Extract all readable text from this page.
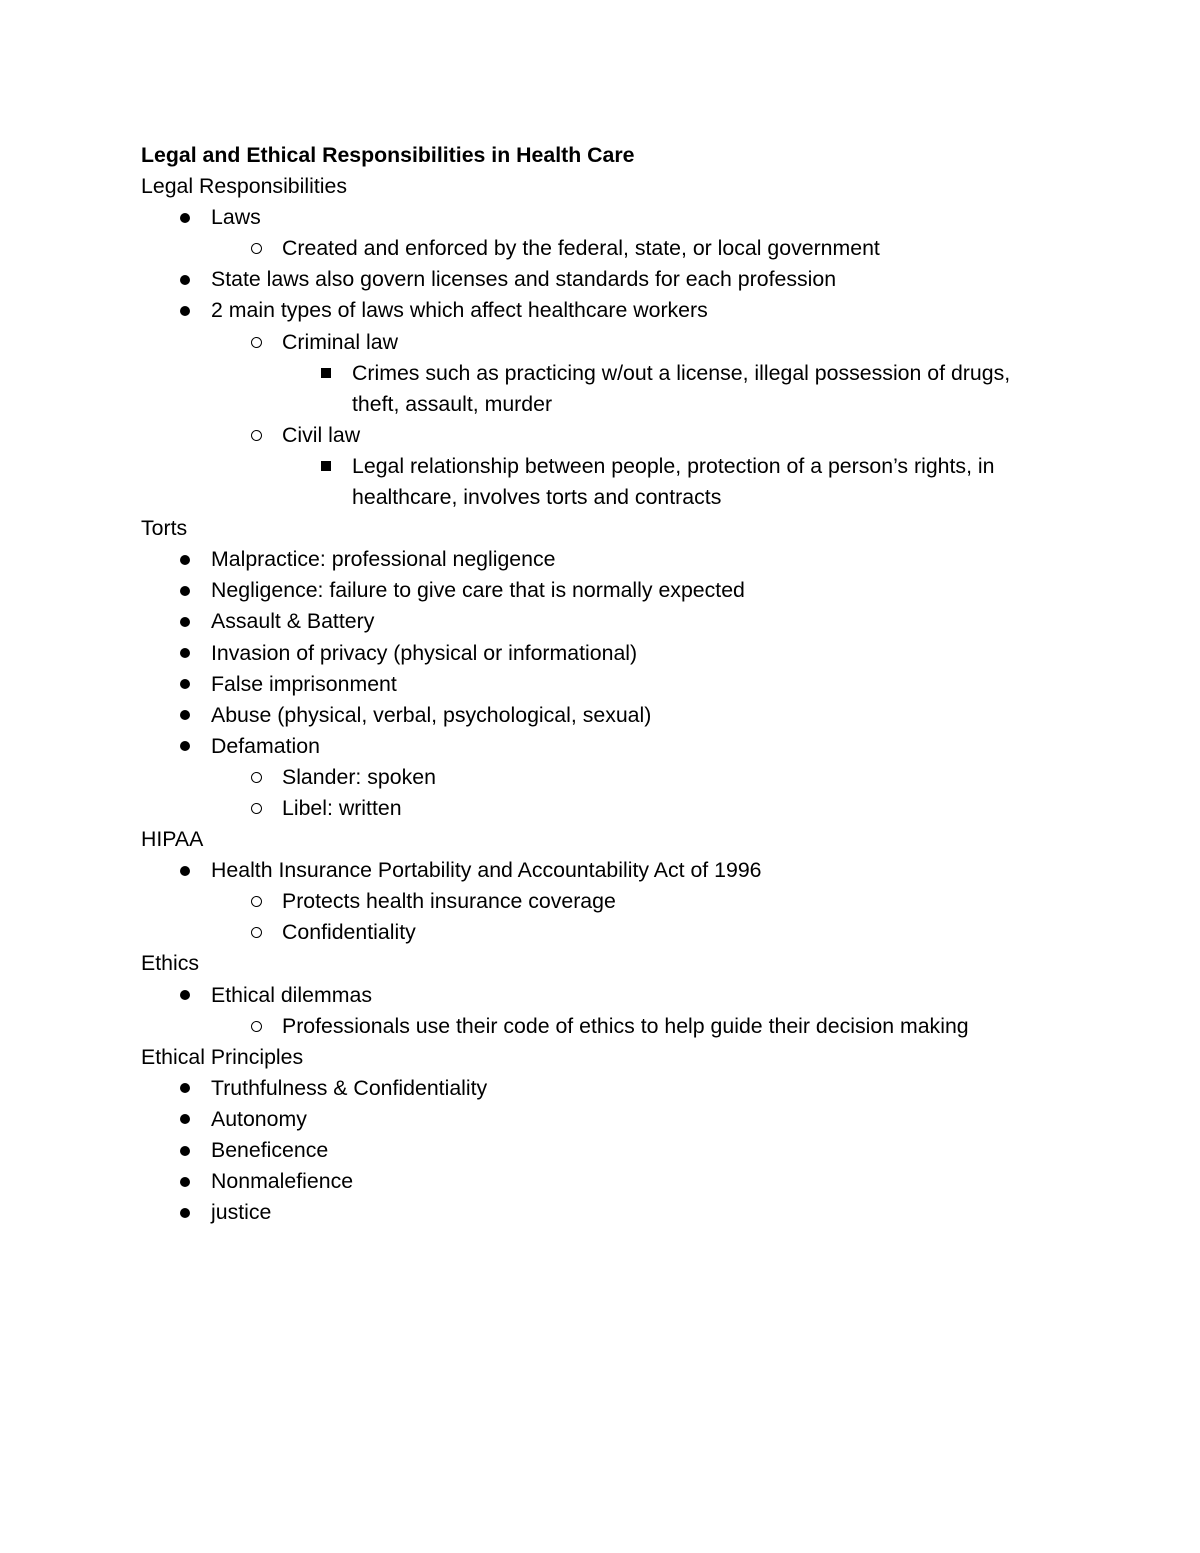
Legal and Ethical Responsibilities in Health Care

Legal Responsibilities

Laws
Created and enforced by the federal, state, or local government
State laws also govern licenses and standards for each profession
2 main types of laws which affect healthcare workers
Criminal law
Crimes such as practicing w/out a license, illegal possession of drugs, theft, assault, murder
Civil law
Legal relationship between people, protection of a person’s rights, in healthcare, involves torts and contracts

Torts

Malpractice: professional negligence
Negligence: failure to give care that is normally expected
Assault & Battery
Invasion of privacy (physical or informational)
False imprisonment
Abuse (physical, verbal, psychological, sexual)
Defamation
Slander: spoken
Libel: written

HIPAA

Health Insurance Portability and Accountability Act of 1996
Protects health insurance coverage
Confidentiality

Ethics

Ethical dilemmas
Professionals use their code of ethics to help guide their decision making

Ethical Principles

Truthfulness & Confidentiality
Autonomy
Beneficence
Nonmalefience
justice
